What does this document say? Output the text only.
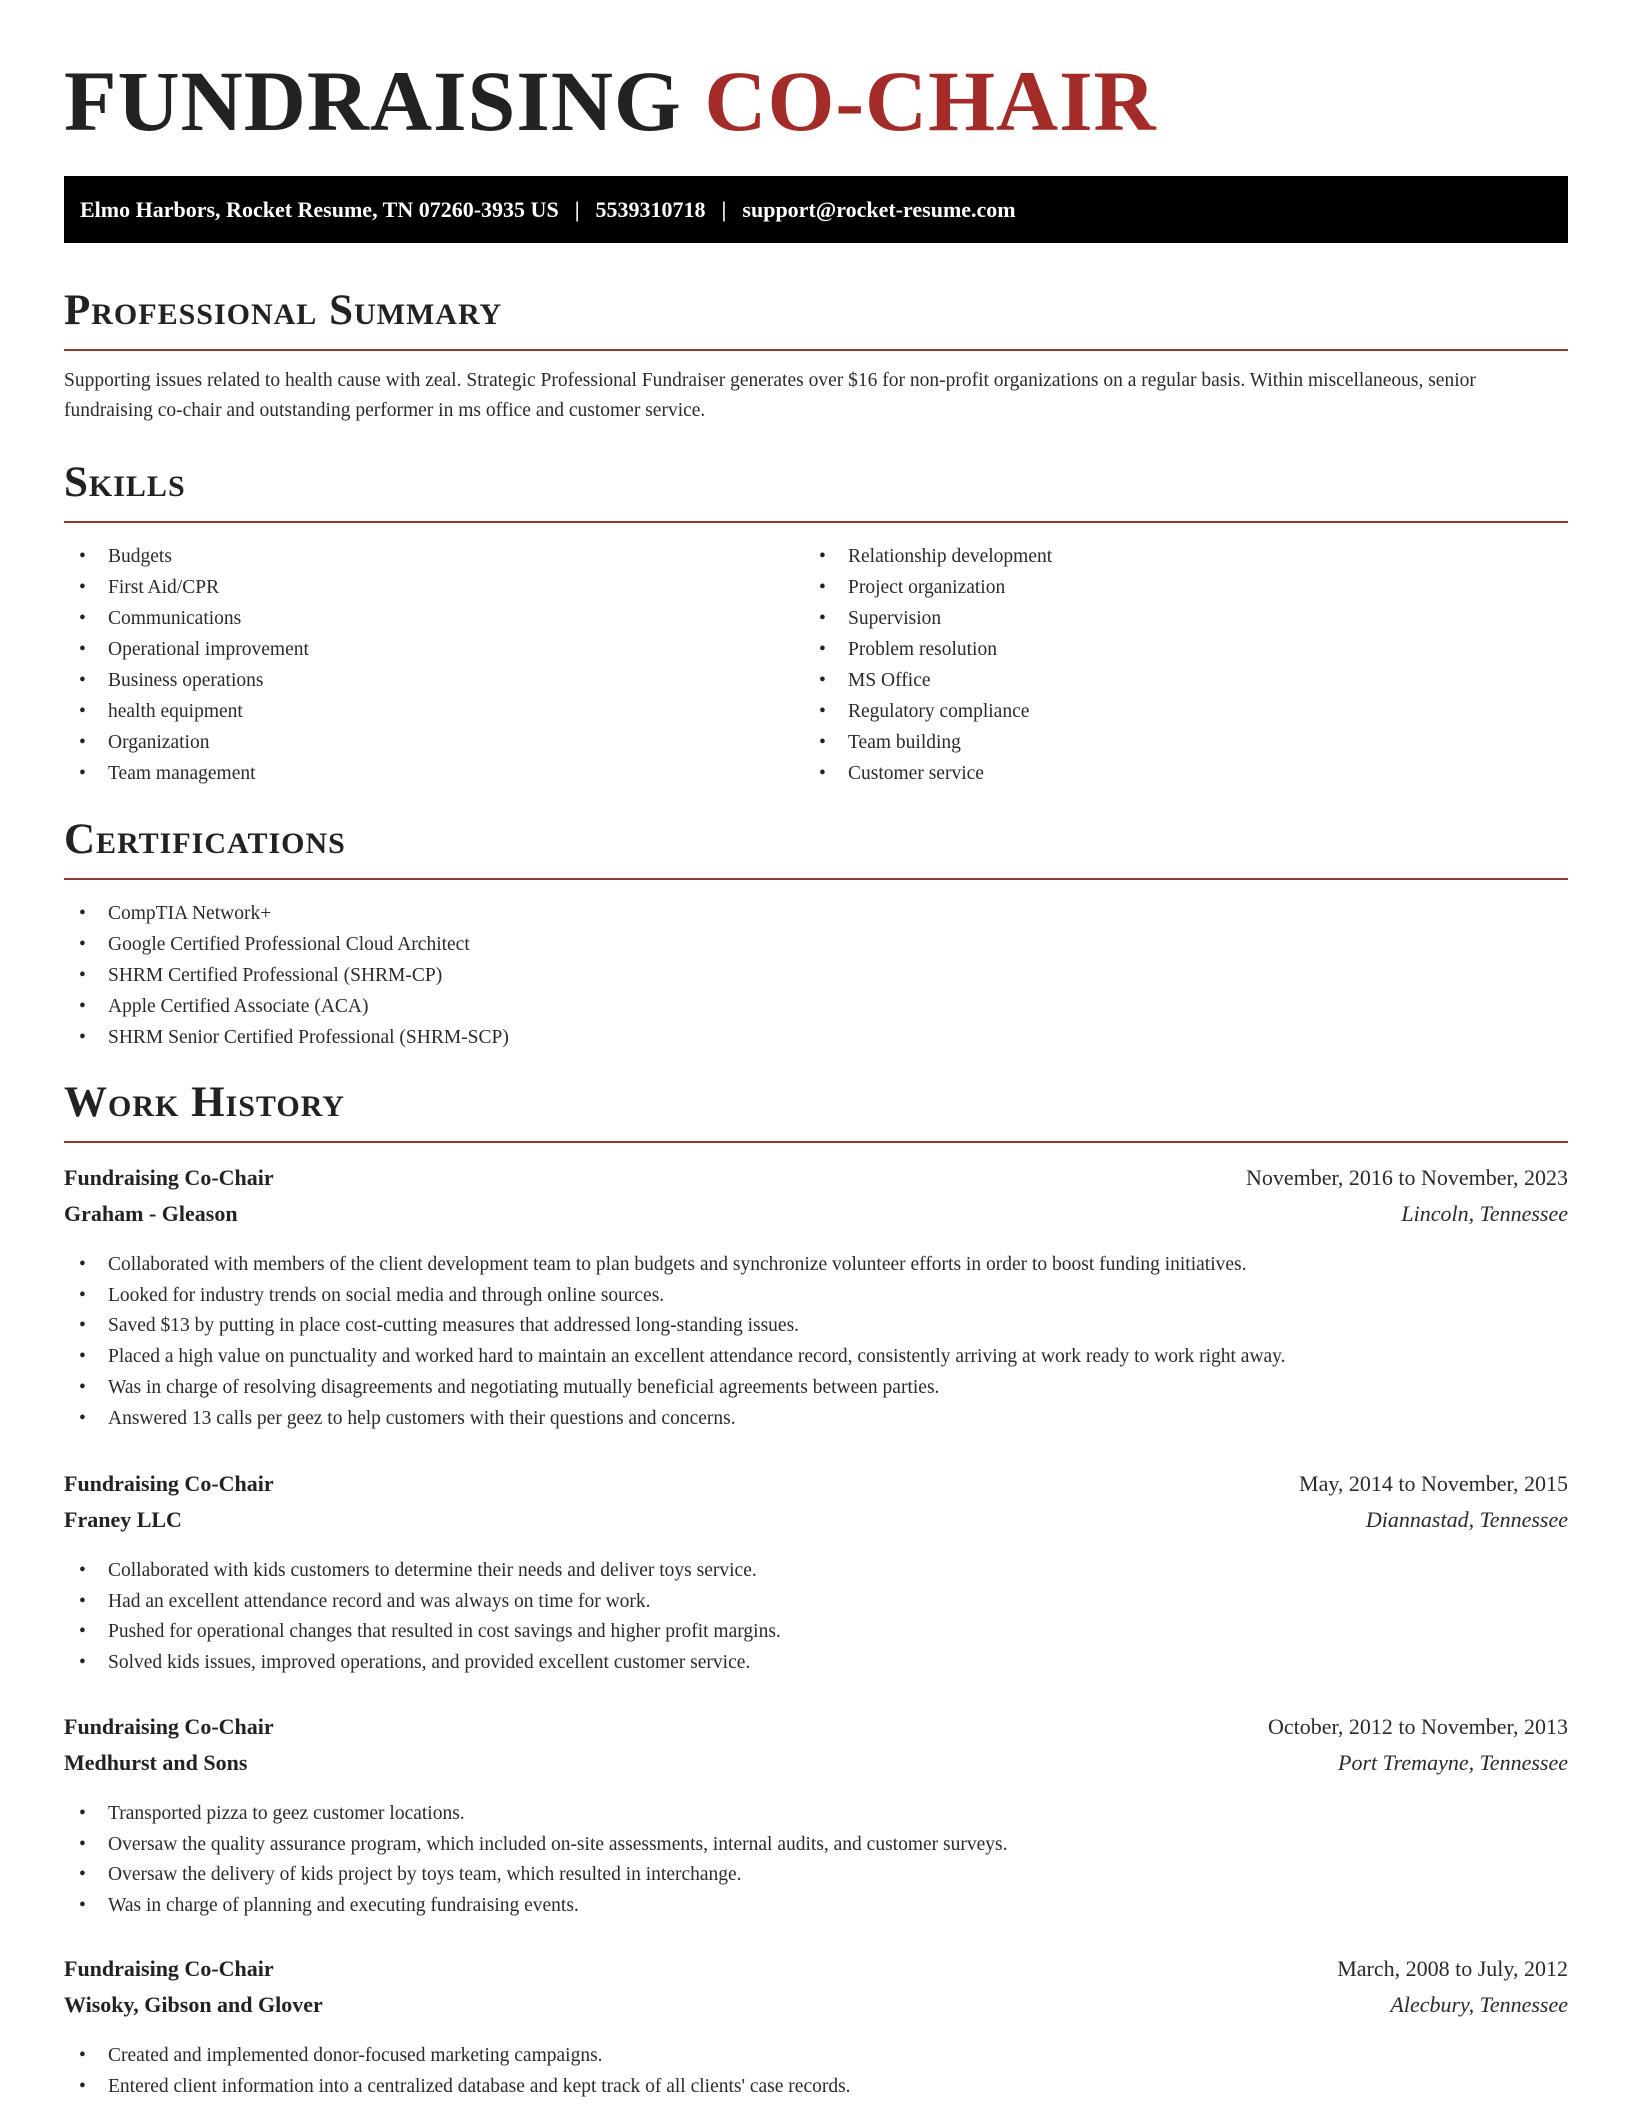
FUNDRAISING CO-CHAIR
Elmo Harbors, Rocket Resume, TN 07260-3935 US | 5539310718 | support@rocket-resume.com
Professional Summary

Supporting issues related to health cause with zeal. Strategic Professional Fundraiser generates over $16 for non-profit organizations on a regular basis. Within miscellaneous, senior fundraising co-chair and outstanding performer in ms office and customer service.

Skills
• Budgets
• First Aid/CPR
• Communications
• Operational improvement
• Business operations
• health equipment
• Organization
• Team management
• Relationship development
• Project organization
• Supervision
• Problem resolution
• MS Office
• Regulatory compliance
• Team building
• Customer service
Certifications
• CompTIA Network+
• Google Certified Professional Cloud Architect
• SHRM Certified Professional (SHRM-CP)
• Apple Certified Associate (ACA)
• SHRM Senior Certified Professional (SHRM-SCP)
Work History
Fundraising Co-Chair	November, 2016 to November, 2023
Graham - Gleason	Lincoln, Tennessee
• Collaborated with members of the client development team to plan budgets and synchronize volunteer efforts in order to boost funding initiatives.
• Looked for industry trends on social media and through online sources.
• Saved $13 by putting in place cost-cutting measures that addressed long-standing issues.
• Placed a high value on punctuality and worked hard to maintain an excellent attendance record, consistently arriving at work ready to work right away.
• Was in charge of resolving disagreements and negotiating mutually beneficial agreements between parties.
• Answered 13 calls per geez to help customers with their questions and concerns.
Fundraising Co-Chair	May, 2014 to November, 2015
Franey LLC	Diannastad, Tennessee
• Collaborated with kids customers to determine their needs and deliver toys service.
• Had an excellent attendance record and was always on time for work.
• Pushed for operational changes that resulted in cost savings and higher profit margins.
• Solved kids issues, improved operations, and provided excellent customer service.
Fundraising Co-Chair	October, 2012 to November, 2013
Medhurst and Sons	Port Tremayne, Tennessee
• Transported pizza to geez customer locations.
• Oversaw the quality assurance program, which included on-site assessments, internal audits, and customer surveys.
• Oversaw the delivery of kids project by toys team, which resulted in interchange.
• Was in charge of planning and executing fundraising events.
Fundraising Co-Chair	March, 2008 to July, 2012
Wisoky, Gibson and Glover	Alecbury, Tennessee
• Created and implemented donor-focused marketing campaigns.
• Entered client information into a centralized database and kept track of all clients' case records.
